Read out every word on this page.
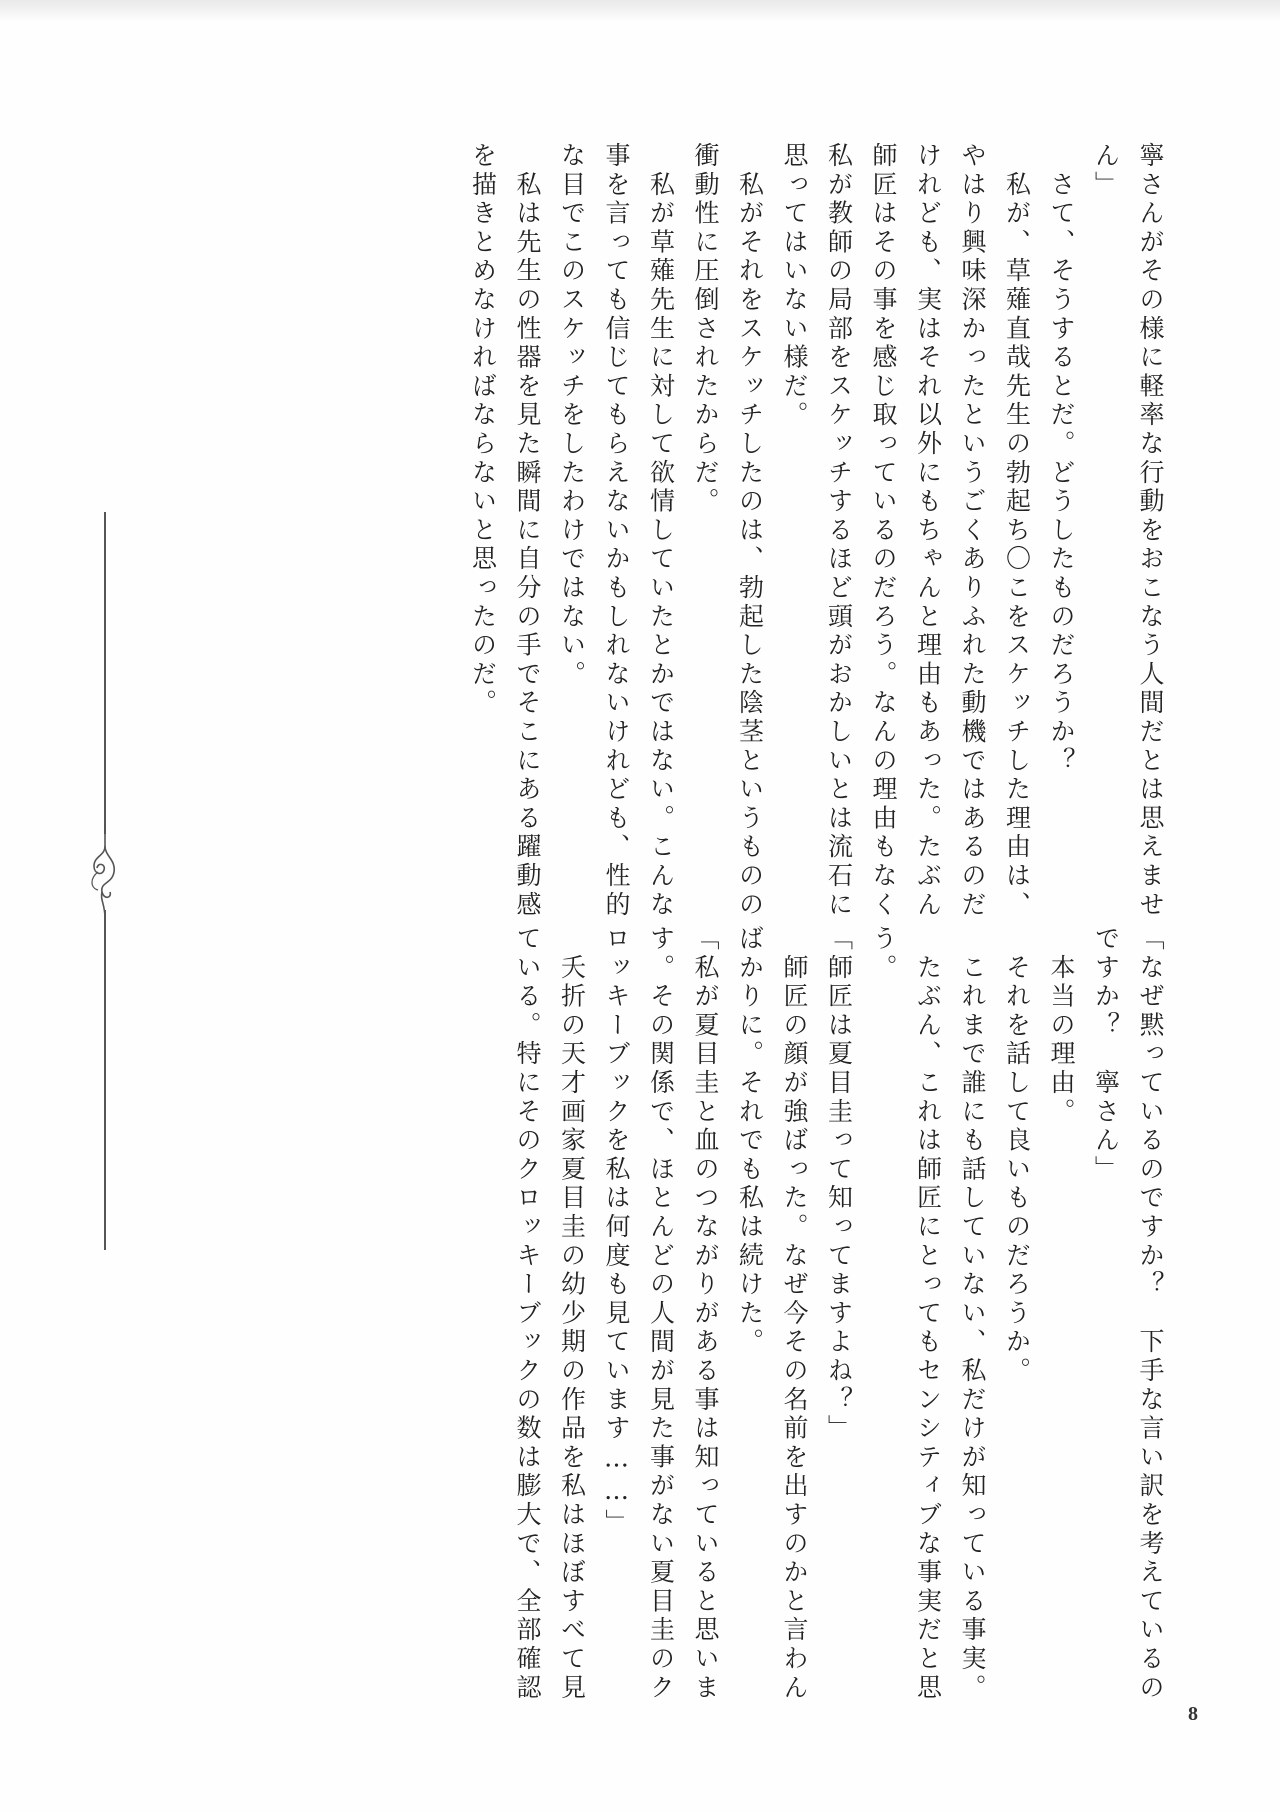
寧さんがその様に軽率な行動をおこなう人間だとは思えませ
ん」
　さて、そうするとだ。どうしたものだろうか？
　私が、草薙直哉先生の勃起ち〇こをスケッチした理由は、
やはり興味深かったというごくありふれた動機ではあるのだ
けれども、実はそれ以外にもちゃんと理由もあった。たぶん
師匠はその事を感じ取っているのだろう。なんの理由もなく
私が教師の局部をスケッチするほど頭がおかしいとは流石に
思ってはいない様だ。
　私がそれをスケッチしたのは、勃起した陰茎というものの
衝動性に圧倒されたからだ。
　私が草薙先生に対して欲情していたとかではない。こんな
事を言っても信じてもらえないかもしれないけれども、性的
な目でこのスケッチをしたわけではない。
　私は先生の性器を見た瞬間に自分の手でそこにある躍動感
を描きとめなければならないと思ったのだ。
「なぜ黙っているのですか？　下手な言い訳を考えているの
ですか？　寧さん」
　本当の理由。
　それを話して良いものだろうか。
　これまで誰にも話していない、私だけが知っている事実。
　たぶん、これは師匠にとってもセンシティブな事実だと思
う。
「師匠は夏目圭って知ってますよね？」
　師匠の顔が強ばった。なぜ今その名前を出すのかと言わん
ばかりに。それでも私は続けた。
「私が夏目圭と血のつながりがある事は知っていると思いま
す。その関係で、ほとんどの人間が見た事がない夏目圭のク
ロッキーブックを私は何度も見ています……」
　夭折の天才画家夏目圭の幼少期の作品を私はほぼすべて見
ている。特にそのクロッキーブックの数は膨大で、全部確認
8
